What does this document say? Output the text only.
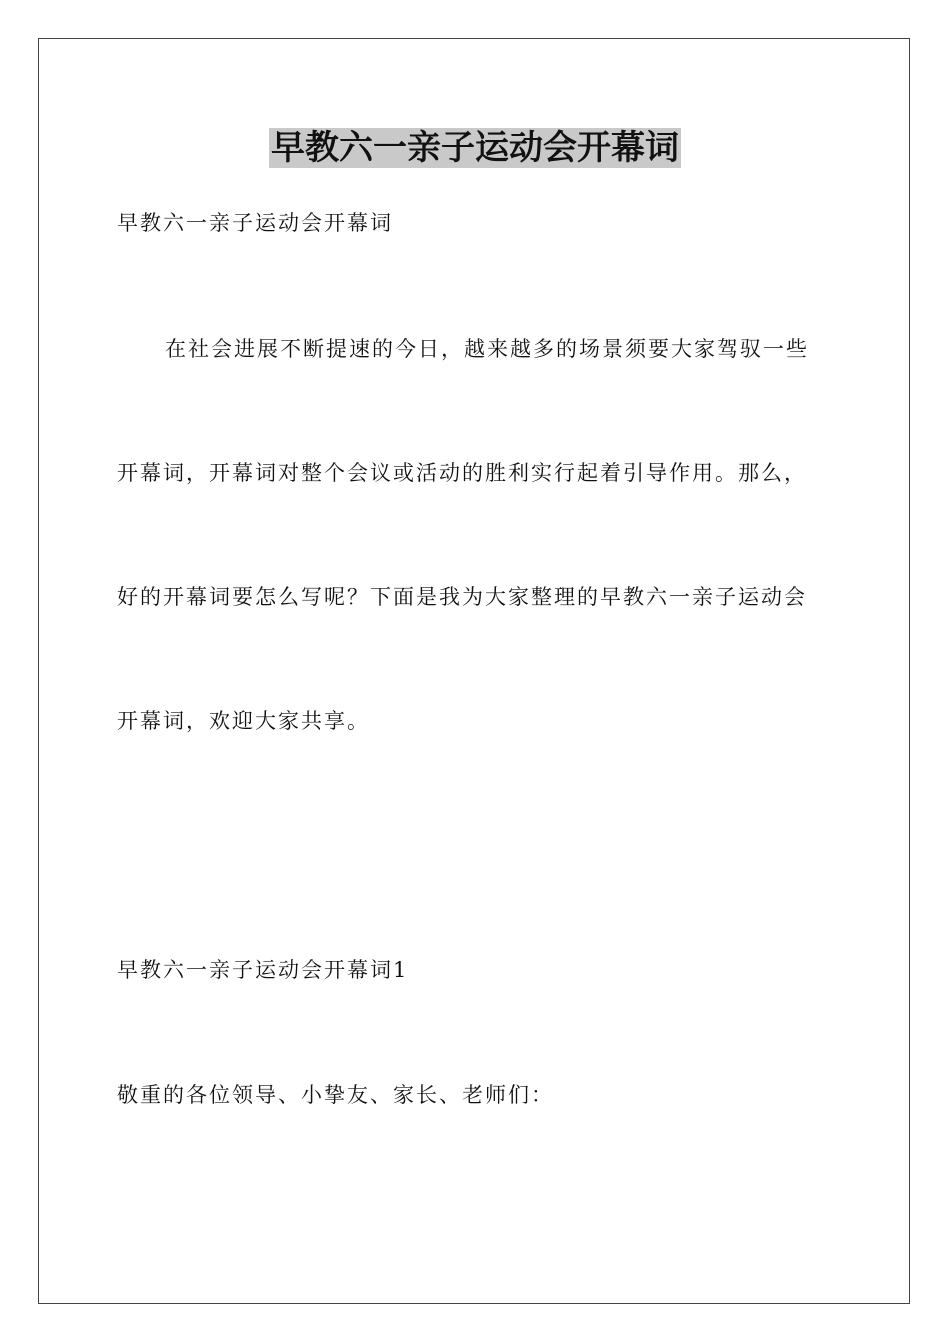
早教六一亲子运动会开幕词
早教六一亲子运动会开幕词
在社会进展不断提速的今日，越来越多的场景须要大家驾驭一些
开幕词，开幕词对整个会议或活动的胜利实行起着引导作用。那么，
好的开幕词要怎么写呢？下面是我为大家整理的早教六一亲子运动会
开幕词，欢迎大家共享。
早教六一亲子运动会开幕词1
敬重的各位领导、小挚友、家长、老师们：
